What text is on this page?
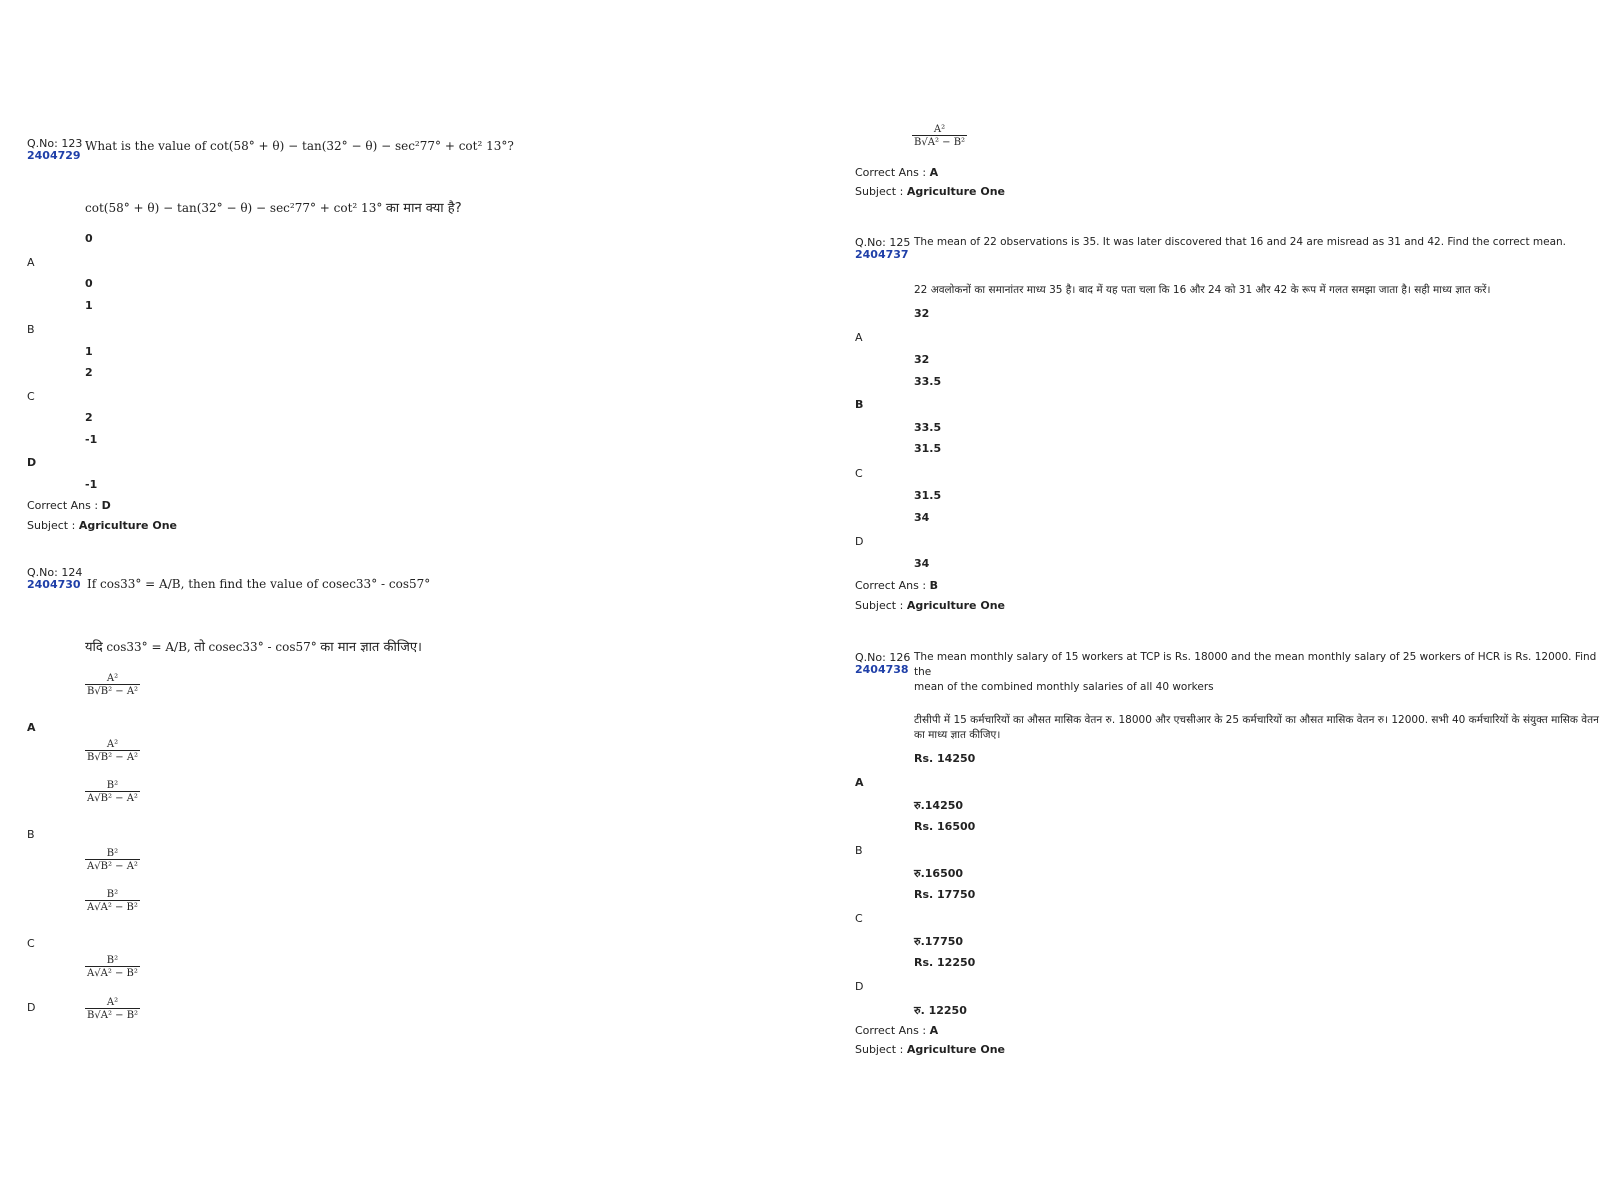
Q.No: 123
2404729
What is the value of cot(58° + θ) − tan(32° − θ) − sec²77° + cot² 13°?
cot(58° + θ) − tan(32° − θ) − sec²77° + cot² 13° का मान क्या है?
0
A
0
1
B
1
2
C
2
-1
D
-1
Correct Ans : D
Subject : Agriculture One
Q.No: 124
2404730 If cos33° = A/B, then find the value of cosec33° - cos57°
यदि cos33° = A/B, तो cosec33° - cos57° का मान ज्ञात कीजिए।
$\frac{\text{A²}}{\text{B√B² − A²}}$
A
$\frac{\text{A²}}{\text{B√B² − A²}}$
$\frac{\text{B²}}{\text{A√B² − A²}}$
B
$\frac{\text{B²}}{\text{A√B² − A²}}$
$\frac{\text{B²}}{\text{A√A² − B²}}$
C
$\frac{\text{B²}}{\text{A√A² − B²}}$
D	$\frac{\text{A²}}{\text{B√A² − B²}}$
$\frac{\text{A²}}{\text{B√A² − B²}}$
Correct Ans : A
Subject : Agriculture One
Q.No: 125
2404737
The mean of 22 observations is 35. It was later discovered that 16 and 24 are misread as 31 and 42. Find the correct mean.
22 अवलोकनों का समानांतर माध्य 35 है। बाद में यह पता चला कि 16 और 24 को 31 और 42 के रूप में गलत समझा जाता है। सही माध्य ज्ञात करें।
32
A
32
33.5
B
33.5
31.5
C
31.5
34
D
34
Correct Ans : B
Subject : Agriculture One
Q.No: 126
2404738
The mean monthly salary of 15 workers at TCP is Rs. 18000 and the mean monthly salary of 25 workers of HCR is Rs. 12000. Find the
mean of the combined monthly salaries of all 40 workers
टीसीपी में 15 कर्मचारियों का औसत मासिक वेतन रु. 18000 और एचसीआर के 25 कर्मचारियों का औसत मासिक वेतन रु। 12000. सभी 40 कर्मचारियों के संयुक्त मासिक वेतन
का माध्य ज्ञात कीजिए।
Rs. 14250
A
रु.14250
Rs. 16500
B
रु.16500
Rs. 17750
C
रु.17750
Rs. 12250
D
रु. 12250
Correct Ans : A
Subject : Agriculture One
